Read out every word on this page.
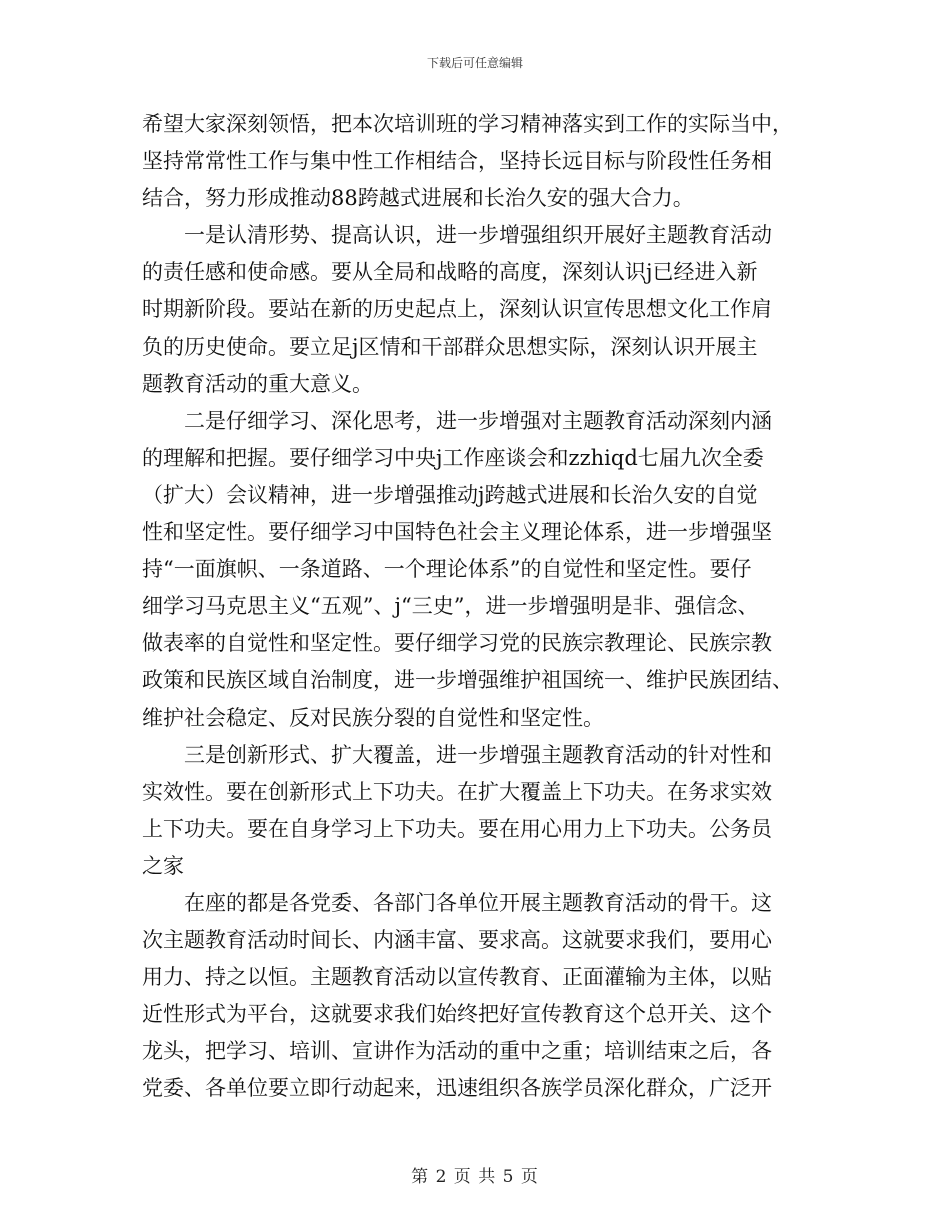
下载后可任意编辑
希望大家深刻领悟，把本次培训班的学习精神落实到工作的实际当中，
坚持常常性工作与集中性工作相结合，坚持长远目标与阶段性任务相
结合，努力形成推动88跨越式进展和长治久安的强大合力。
一是认清形势、提高认识，进一步增强组织开展好主题教育活动
的责任感和使命感。要从全局和战略的高度，深刻认识j已经进入新
时期新阶段。要站在新的历史起点上，深刻认识宣传思想文化工作肩
负的历史使命。要立足j区情和干部群众思想实际，深刻认识开展主
题教育活动的重大意义。
二是仔细学习、深化思考，进一步增强对主题教育活动深刻内涵
的理解和把握。要仔细学习中央j工作座谈会和zzhiqd七届九次全委
（扩大）会议精神，进一步增强推动j跨越式进展和长治久安的自觉
性和坚定性。要仔细学习中国特色社会主义理论体系，进一步增强坚
持“一面旗帜、一条道路、一个理论体系”的自觉性和坚定性。要仔
细学习马克思主义“五观”、j“三史”，进一步增强明是非、强信念、
做表率的自觉性和坚定性。要仔细学习党的民族宗教理论、民族宗教
政策和民族区域自治制度，进一步增强维护祖国统一、维护民族团结、
维护社会稳定、反对民族分裂的自觉性和坚定性。
三是创新形式、扩大覆盖，进一步增强主题教育活动的针对性和
实效性。要在创新形式上下功夫。在扩大覆盖上下功夫。在务求实效
上下功夫。要在自身学习上下功夫。要在用心用力上下功夫。公务员
之家
在座的都是各党委、各部门各单位开展主题教育活动的骨干。这
次主题教育活动时间长、内涵丰富、要求高。这就要求我们，要用心
用力、持之以恒。主题教育活动以宣传教育、正面灌输为主体，以贴
近性形式为平台，这就要求我们始终把好宣传教育这个总开关、这个
龙头，把学习、培训、宣讲作为活动的重中之重；培训结束之后，各
党委、各单位要立即行动起来，迅速组织各族学员深化群众，广泛开
第 2 页 共 5 页
